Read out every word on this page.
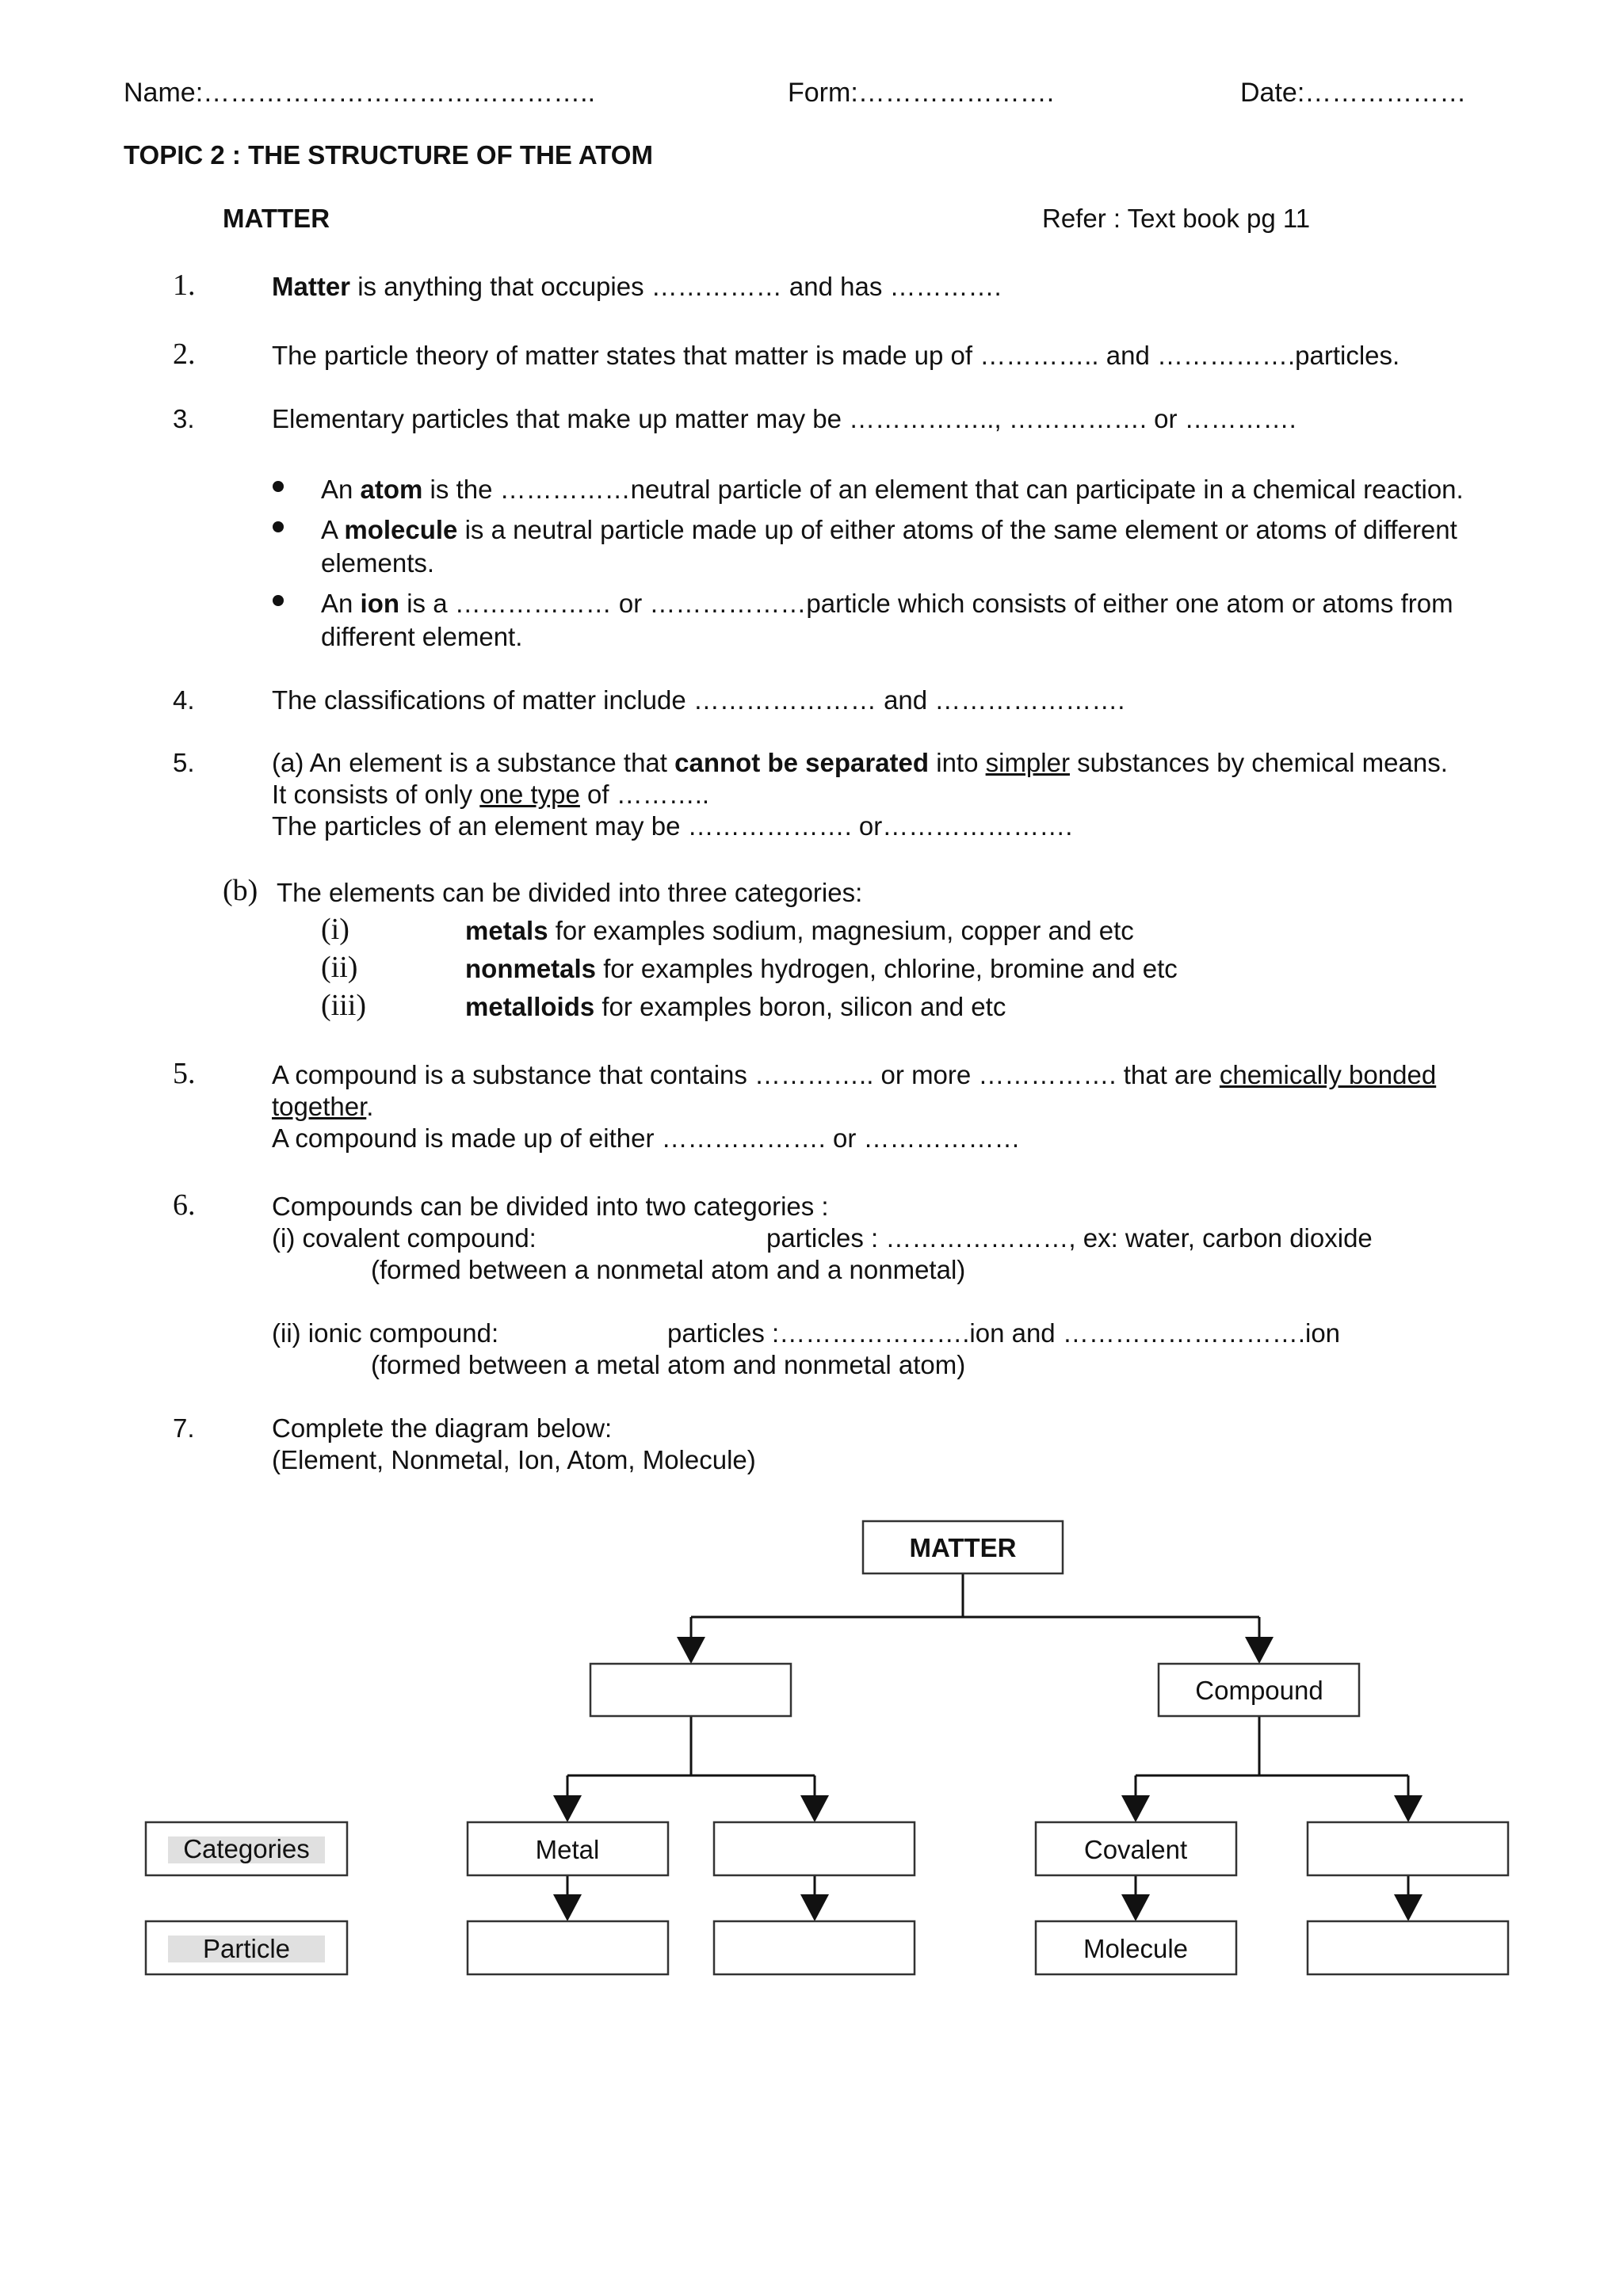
Name:……………………………………..	Form:………………….	Date:………………
TOPIC 2 : THE STRUCTURE OF THE ATOM
MATTER	Refer : Text book pg 11
1.	Matter is anything that occupies …………… and has ………….
2.	The particle theory of matter states that matter is made up of ………….. and …………….particles.
3.	Elementary particles that make up matter may be …………….., ……………. or ………….
An atom is the ……………neutral particle of an element that can participate in a chemical reaction.
A molecule is a neutral particle made up of either atoms of the same element or atoms of different
elements.
An ion is a ……………… or ………………particle which consists of either one atom or atoms from
different element.
4.	The classifications of matter include ………………… and ………………….
5.	(a) An element is a substance that cannot be separated into simpler substances by chemical means.
It consists of only one type of ………..
The particles of an element may be ………………. or………………….
(b) The elements can be divided into three categories:
(i)	metals for examples sodium, magnesium, copper and etc
(ii)	nonmetals for examples hydrogen, chlorine, bromine and etc
(iii)	metalloids for examples boron, silicon and etc
5.	A compound is a substance that contains ………….. or more ……………. that are chemically bonded
together.
A compound is made up of either ………………. or ………………
6.	Compounds can be divided into two categories :
(i) covalent compound:	particles : …………………, ex: water, carbon dioxide
(formed between a nonmetal atom and a nonmetal)
(ii) ionic compound:	particles :………………….ion and ……………………….ion
(formed between a metal atom and nonmetal atom)
7.	Complete the diagram below:
(Element, Nonmetal, Ion, Atom, Molecule)
MATTER
Compound
Categories	Metal	Covalent
Particle	Molecule
